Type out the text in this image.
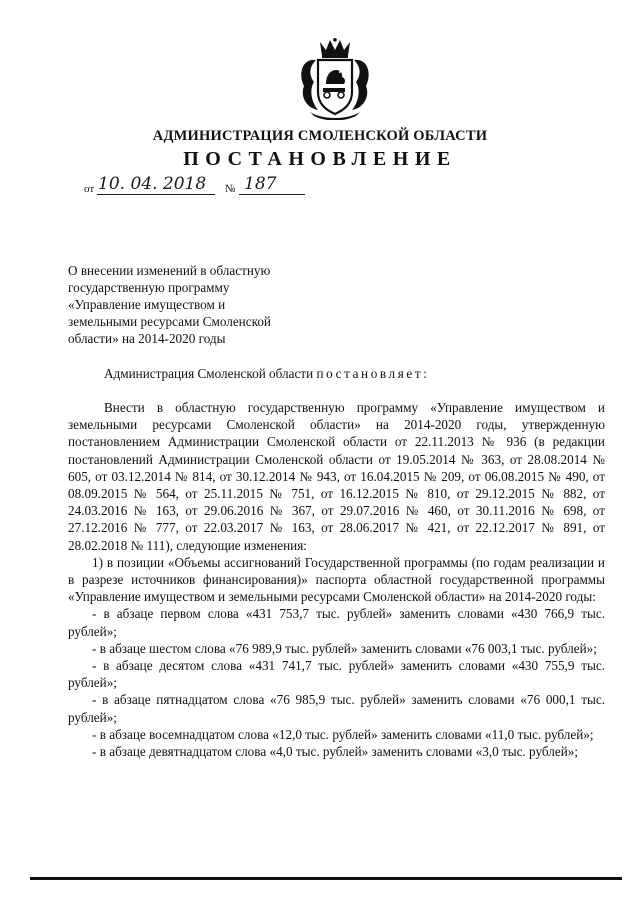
АДМИНИСТРАЦИЯ СМОЛЕНСКОЙ ОБЛАСТИ
ПОСТАНОВЛЕНИЕ
от 10. 04. 2018 № 187
О внесении изменений в областную
государственную программу
«Управление имуществом и
земельными ресурсами Смоленской
области» на 2014-2020 годы
Администрация Смоленской области постановляет:

Внести в областную государственную программу «Управление имуществом и земельными ресурсами Смоленской области» на 2014-2020 годы, утвержденную постановлением Администрации Смоленской области от 22.11.2013 № 936 (в редакции постановлений Администрации Смоленской области от 19.05.2014 № 363, от 28.08.2014 № 605, от 03.12.2014 № 814, от 30.12.2014 № 943, от 16.04.2015 № 209, от 06.08.2015 № 490, от 08.09.2015 № 564, от 25.11.2015 № 751, от 16.12.2015 № 810, от 29.12.2015 № 882, от 24.03.2016 № 163, от 29.06.2016 № 367, от 29.07.2016 № 460, от 30.11.2016 № 698, от 27.12.2016 № 777, от 22.03.2017 № 163, от 28.06.2017 № 421, от 22.12.2017 № 891, от 28.02.2018 № 111), следующие изменения:

1) в позиции «Объемы ассигнований Государственной программы (по годам реализации и в разрезе источников финансирования)» паспорта областной государственной программы «Управление имуществом и земельными ресурсами Смоленской области» на 2014-2020 годы:

- в абзаце первом слова «431 753,7 тыс. рублей» заменить словами «430 766,9 тыс. рублей»;

- в абзаце шестом слова «76 989,9 тыс. рублей» заменить словами «76 003,1 тыс. рублей»;

- в абзаце десятом слова «431 741,7 тыс. рублей» заменить словами «430 755,9 тыс. рублей»;

- в абзаце пятнадцатом слова «76 985,9 тыс. рублей» заменить словами «76 000,1 тыс. рублей»;

- в абзаце восемнадцатом слова «12,0 тыс. рублей» заменить словами «11,0 тыс. рублей»;

- в абзаце девятнадцатом слова «4,0 тыс. рублей» заменить словами «3,0 тыс. рублей»;
